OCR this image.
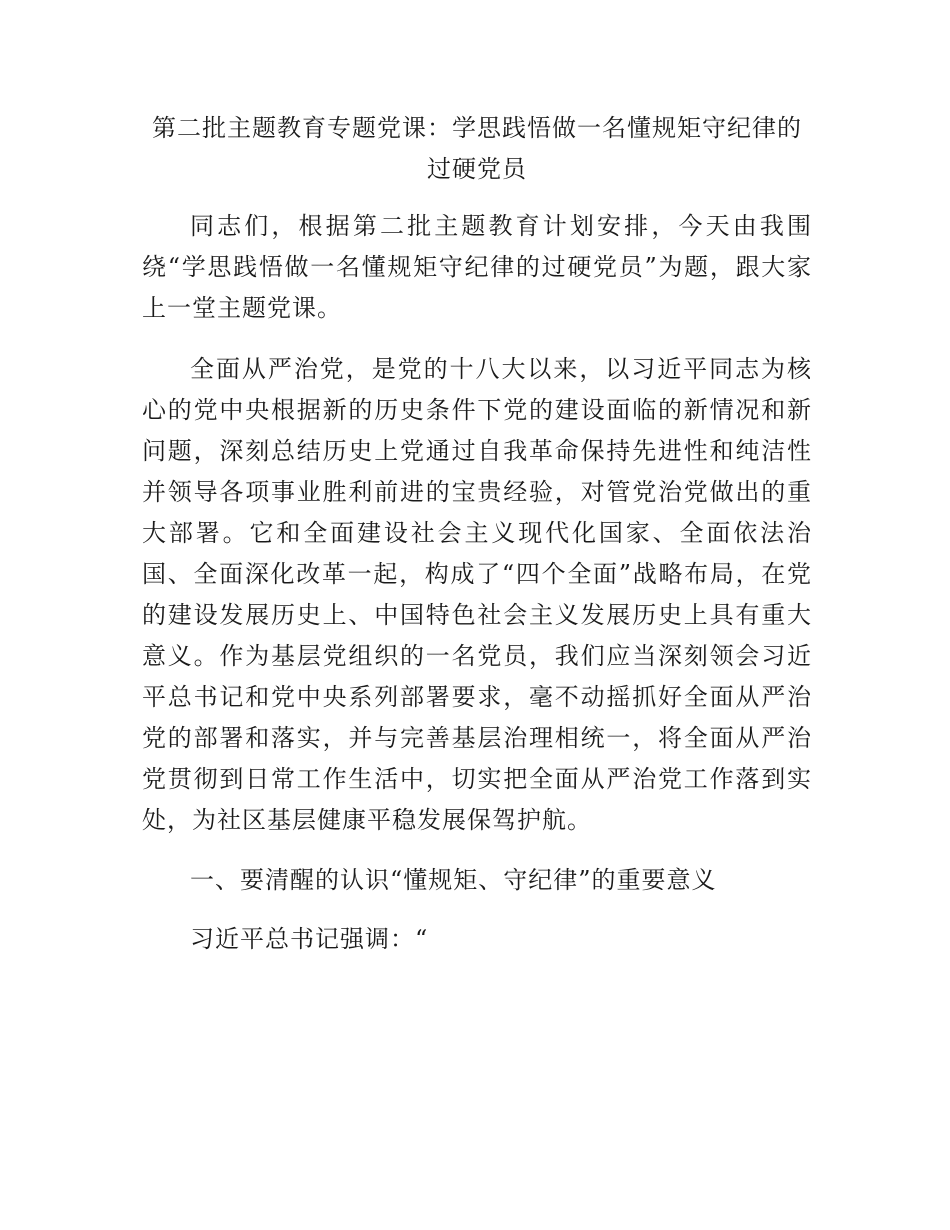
第二批主题教育专题党课：学思践悟做一名懂规矩守纪律的过硬党员

同志们，根据第二批主题教育计划安排，今天由我围绕“学思践悟做一名懂规矩守纪律的过硬党员”为题，跟大家上一堂主题党课。

全面从严治党，是党的十八大以来，以习近平同志为核心的党中央根据新的历史条件下党的建设面临的新情况和新问题，深刻总结历史上党通过自我革命保持先进性和纯洁性并领导各项事业胜利前进的宝贵经验，对管党治党做出的重大部署。它和全面建设社会主义现代化国家、全面依法治国、全面深化改革一起，构成了“四个全面”战略布局，在党的建设发展历史上、中国特色社会主义发展历史上具有重大意义。作为基层党组织的一名党员，我们应当深刻领会习近平总书记和党中央系列部署要求，毫不动摇抓好全面从严治党的部署和落实，并与完善基层治理相统一，将全面从严治党贯彻到日常工作生活中，切实把全面从严治党工作落到实处，为社区基层健康平稳发展保驾护航。

一、要清醒的认识“懂规矩、守纪律”的重要意义

习近平总书记强调：“
